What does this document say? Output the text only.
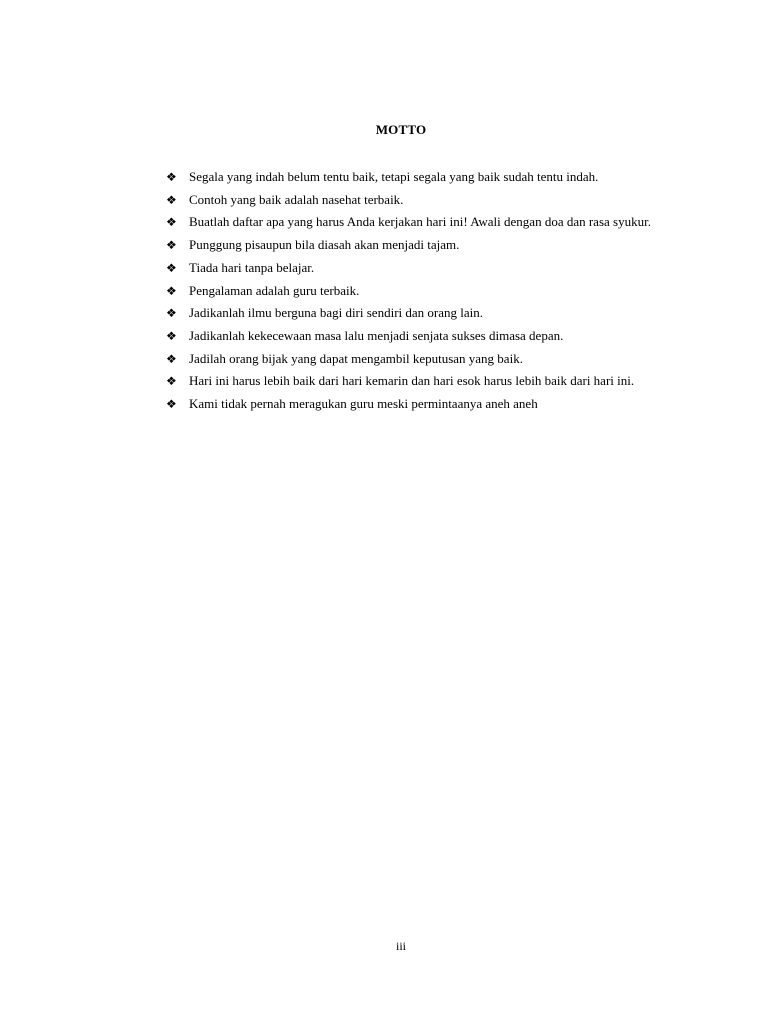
MOTTO
❖ Segala yang indah belum tentu baik, tetapi segala yang baik sudah tentu indah.
❖ Contoh yang baik adalah nasehat terbaik.
❖ Buatlah daftar apa yang harus Anda kerjakan hari ini! Awali dengan doa dan rasa syukur.
❖ Punggung pisaupun bila diasah akan menjadi tajam.
❖ Tiada hari tanpa belajar.
❖ Pengalaman adalah guru terbaik.
❖ Jadikanlah ilmu berguna bagi diri sendiri dan orang lain.
❖ Jadikanlah kekecewaan masa lalu menjadi senjata sukses dimasa depan.
❖ Jadilah orang bijak yang dapat mengambil keputusan yang baik.
❖ Hari ini harus lebih baik dari hari kemarin dan hari esok harus lebih baik dari hari ini.
❖ Kami tidak pernah meragukan guru meski permintaanya aneh aneh
iii
